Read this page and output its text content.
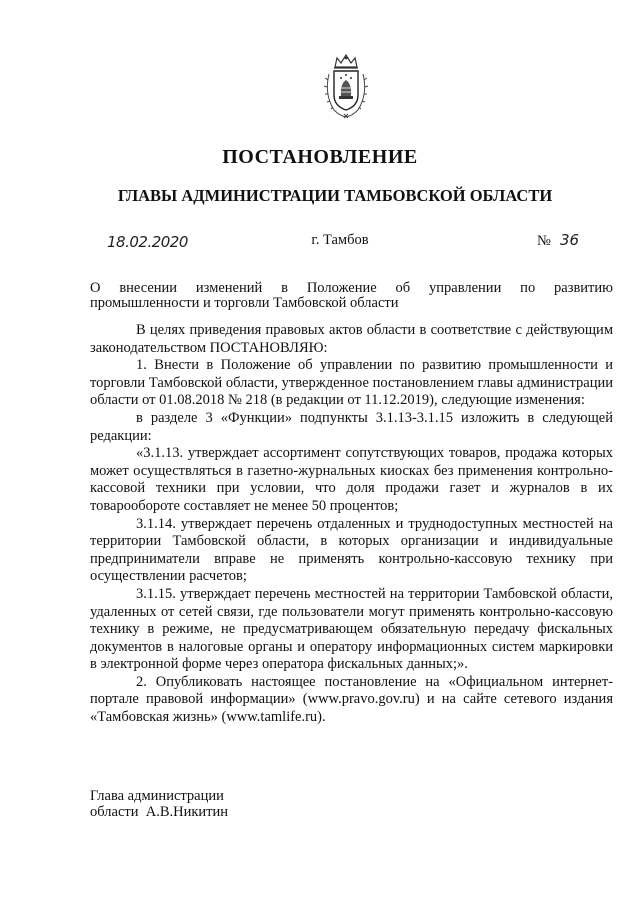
ПОСТАНОВЛЕНИЕ
ГЛАВЫ АДМИНИСТРАЦИИ ТАМБОВСКОЙ ОБЛАСТИ
18.02.2020	г. Тамбов	№ 36
О внесении изменений в Положение об управлении по развитию
промышленности и торговли Тамбовской области

В целях приведения правовых актов области в соответствие с действующим законодательством ПОСТАНОВЛЯЮ:

1. Внести в Положение об управлении по развитию промышленности и торговли Тамбовской области, утвержденное постановлением главы администрации области от 01.08.2018 № 218 (в редакции от 11.12.2019), следующие изменения:

в разделе 3 «Функции» подпункты 3.1.13-3.1.15 изложить в следующей редакции:

«3.1.13. утверждает ассортимент сопутствующих товаров, продажа которых может осуществляться в газетно-журнальных киосках без применения контрольно-кассовой техники при условии, что доля продажи газет и журналов в их товарообороте составляет не менее 50 процентов;

3.1.14. утверждает перечень отдаленных и труднодоступных местностей на территории Тамбовской области, в которых организации и индивидуальные предприниматели вправе не применять контрольно-кассовую технику при осуществлении расчетов;

3.1.15. утверждает перечень местностей на территории Тамбовской области, удаленных от сетей связи, где пользователи могут применять контрольно-кассовую технику в режиме, не предусматривающем обязательную передачу фискальных документов в налоговые органы и оператору информационных систем маркировки в электронной форме через оператора фискальных данных;».

2. Опубликовать настоящее постановление на «Официальном интернет-портале правовой информации» (www.pravo.gov.ru) и на сайте сетевого издания «Тамбовская жизнь» (www.tamlife.ru).

Глава администрации
области  А.В.Никитин
